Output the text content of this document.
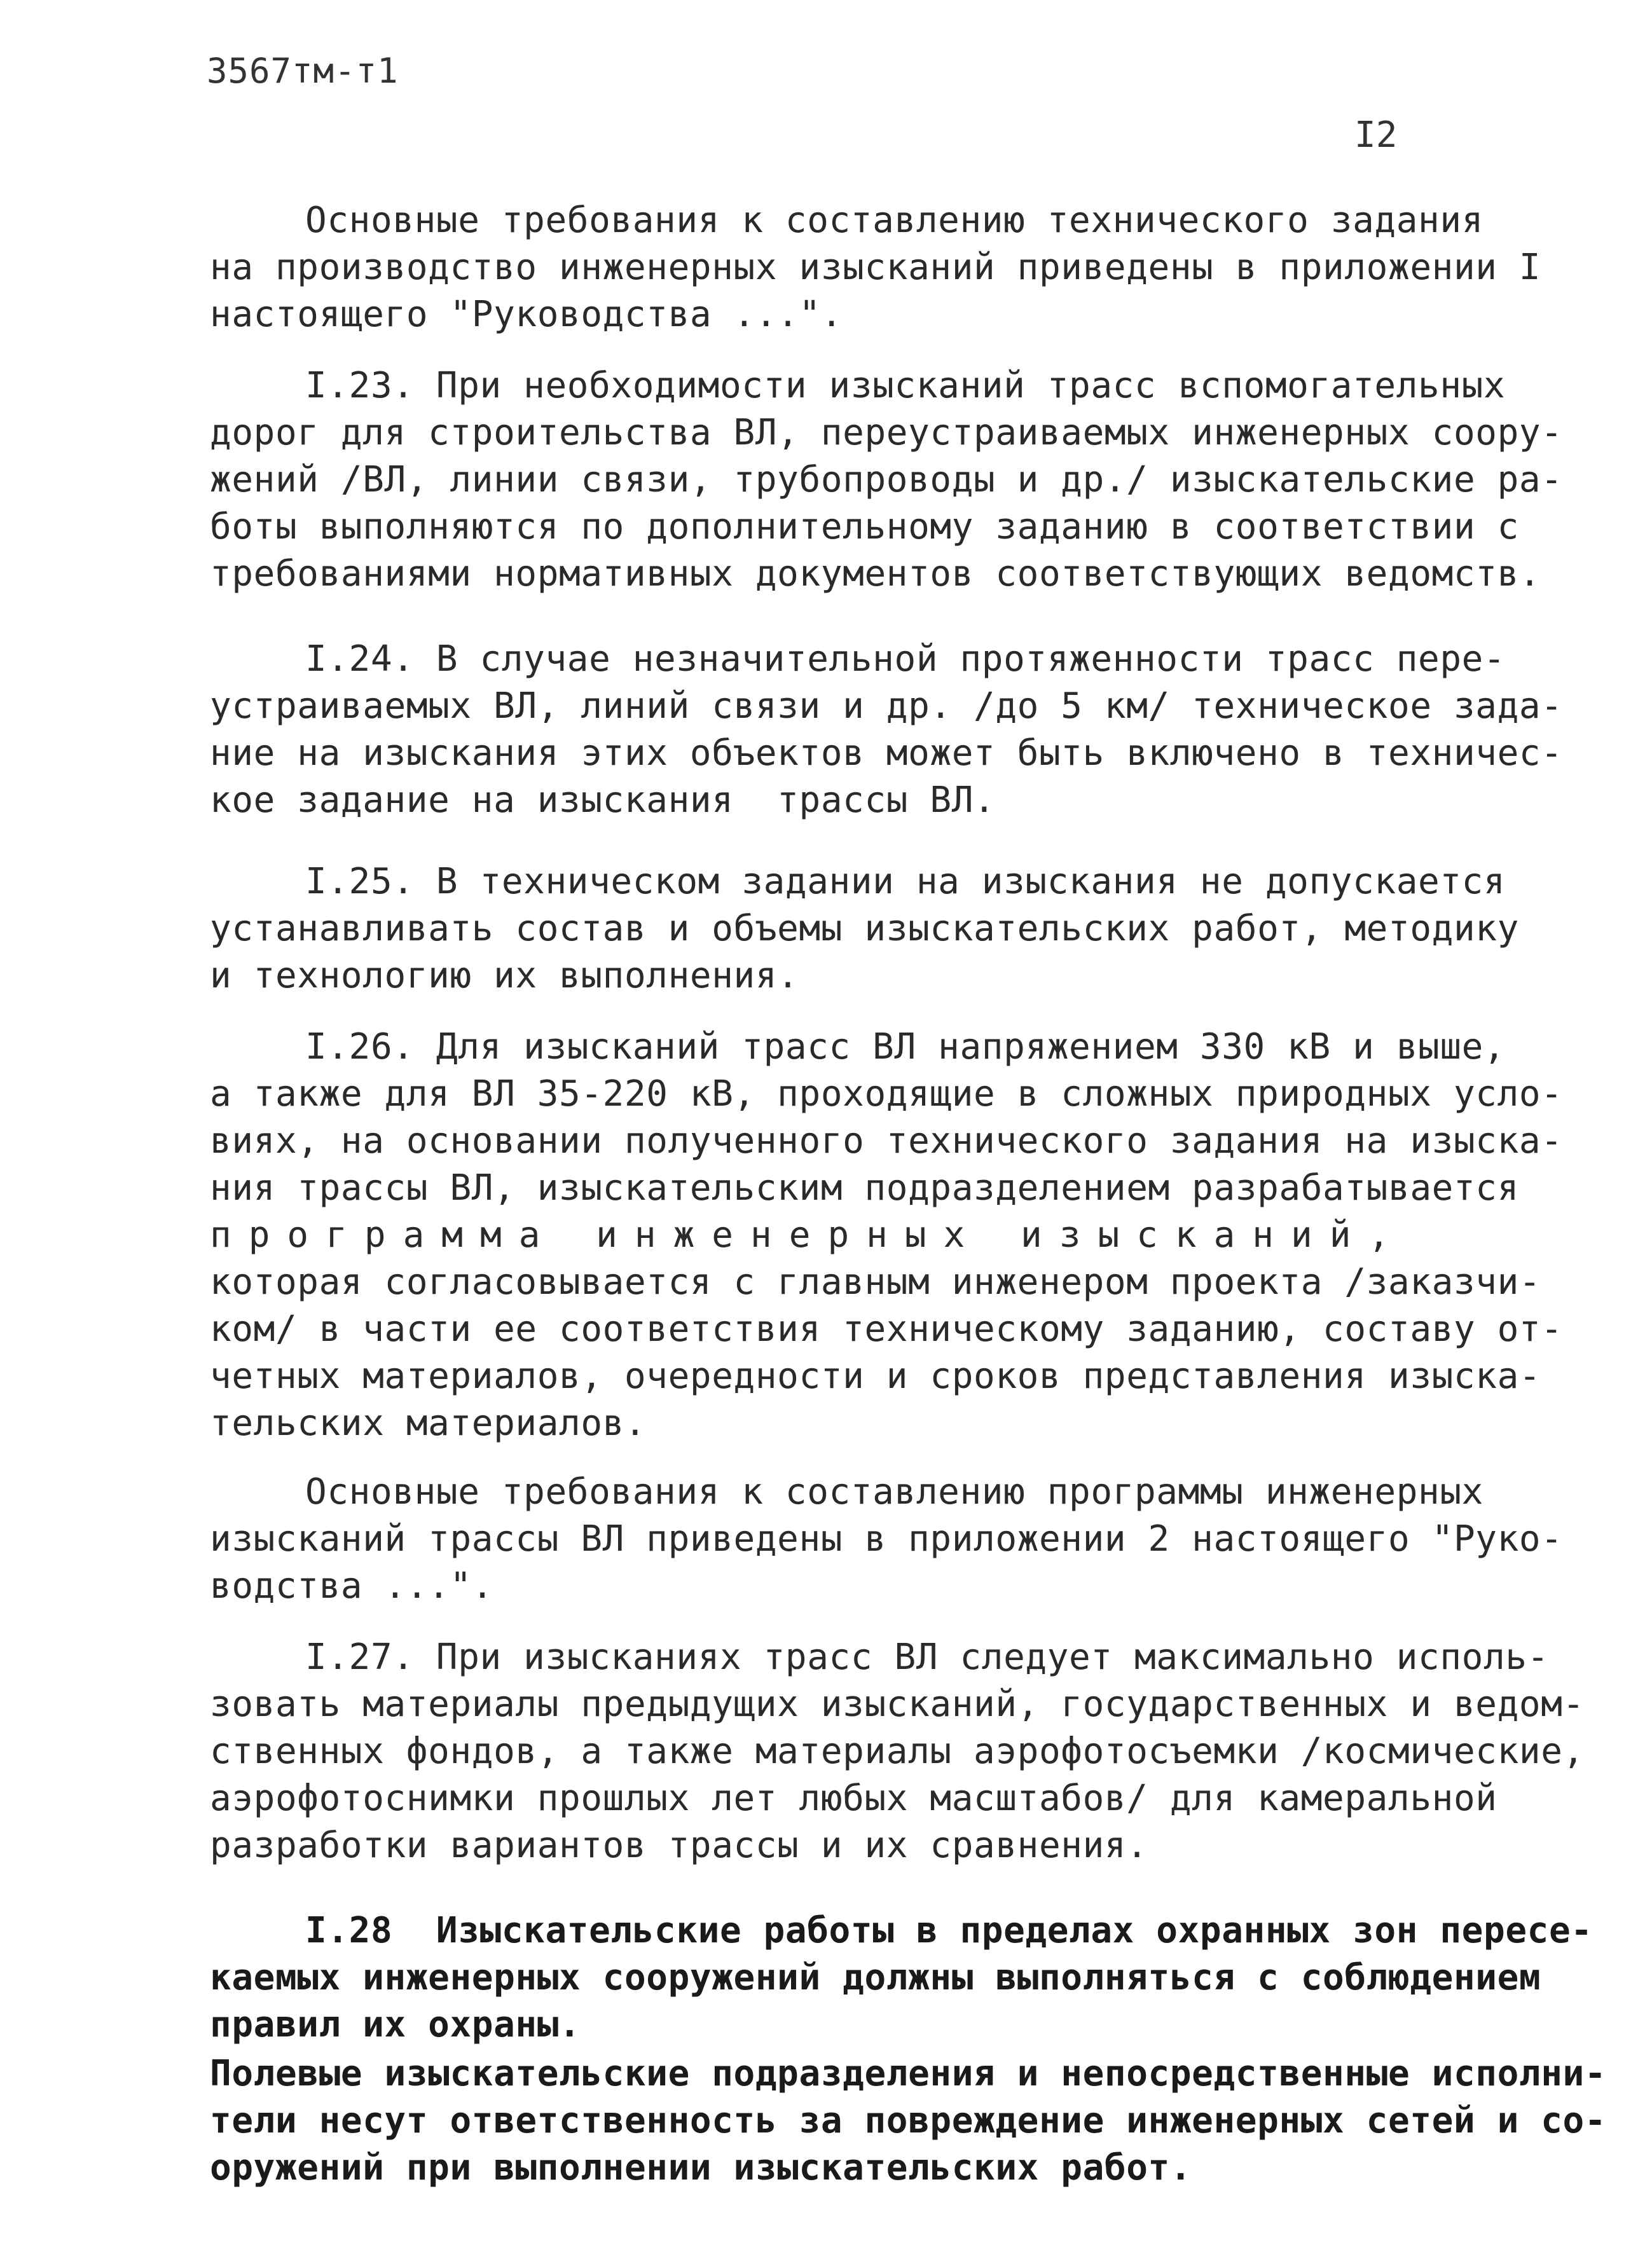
3567тм-т1
I2
Основные требования к составлению технического задания
на производство инженерных изысканий приведены в приложении I
настоящего "Руководства ...".
I.23. При необходимости изысканий трасс вспомогательных
дорог для строительства ВЛ, переустраиваемых инженерных соору-
жений /ВЛ, линии связи, трубопроводы и др./ изыскательские ра-
боты выполняются по дополнительному заданию в соответствии с
требованиями нормативных документов соответствующих ведомств.
I.24. В случае незначительной протяженности трасс пере-
устраиваемых ВЛ, линий связи и др. /до 5 км/ техническое зада-
ние на изыскания этих объектов может быть включено в техничес-
кое задание на изыскания  трассы ВЛ.
I.25. В техническом задании на изыскания не допускается
устанавливать состав и объемы изыскательских работ, методику
и технологию их выполнения.
I.26. Для изысканий трасс ВЛ напряжением 330 кВ и выше,
а также для ВЛ 35-220 кВ, проходящие в сложных природных усло-
виях, на основании полученного технического задания на изыска-
ния трассы ВЛ, изыскательским подразделением разрабатывается
программа инженерных изысканий,
которая согласовывается с главным инженером проекта /заказчи-
ком/ в части ее соответствия техническому заданию, составу от-
четных материалов, очередности и сроков представления изыска-
тельских материалов.
Основные требования к составлению программы инженерных
изысканий трассы ВЛ приведены в приложении 2 настоящего "Руко-
водства ...".
I.27. При изысканиях трасс ВЛ следует максимально исполь-
зовать материалы предыдущих изысканий, государственных и ведом-
ственных фондов, а также материалы аэрофотосъемки /космические,
аэрофотоснимки прошлых лет любых масштабов/ для камеральной
разработки вариантов трассы и их сравнения.
I.28  Изыскательские работы в пределах охранных зон пересе-
каемых инженерных сооружений должны выполняться с соблюдением
правил их охраны.
Полевые изыскательские подразделения и непосредственные исполни-
тели несут ответственность за повреждение инженерных сетей и со-
оружений при выполнении изыскательских работ.
